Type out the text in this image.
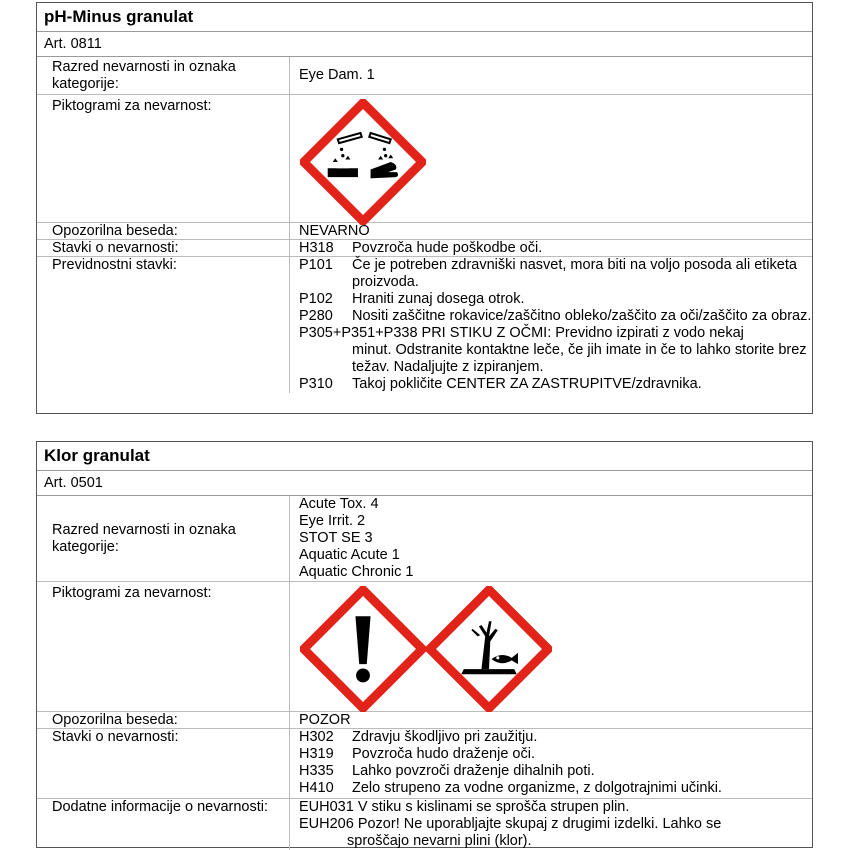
pH-Minus granulat
Art. 0811
Razred nevarnosti in oznaka kategorije:
Eye Dam. 1
Piktogrami za nevarnost:
Opozorilna beseda:	NEVARNO
Stavki o nevarnosti:	H318	Povzroča hude poškodbe oči.
Previdnostni stavki:	P101	Če je potreben zdravniški nasvet, mora biti na voljo posoda ali etiketa proizvoda.
P102	Hraniti zunaj dosega otrok.
P280	Nositi zaščitne rokavice/zaščitno obleko/zaščito za oči/zaščito za obraz.
P305+P351+P338 PRI STIKU Z OČMI: Previdno izpirati z vodo nekaj
minut. Odstranite kontaktne leče, če jih imate in če to lahko storite brez težav. Nadaljujte z izpiranjem.
P310	Takoj pokličite CENTER ZA ZASTRUPITVE/zdravnika.
Klor granulat
Art. 0501
Razred nevarnosti in oznaka kategorije:
Acute Tox. 4
Eye Irrit. 2
STOT SE 3
Aquatic Acute 1
Aquatic Chronic 1
Piktogrami za nevarnost:
Opozorilna beseda:	POZOR
Stavki o nevarnosti:	H302	Zdravju škodljivo pri zaužitju.
H319	Povzroča hudo draženje oči.
H335	Lahko povzroči draženje dihalnih poti.
H410	Zelo strupeno za vodne organizme, z dolgotrajnimi učinki.
Dodatne informacije o nevarnosti:	EUH031 V stiku s kislinami se sprošča strupen plin.
EUH206 Pozor! Ne uporabljajte skupaj z drugimi izdelki. Lahko se
sproščajo nevarni plini (klor).
